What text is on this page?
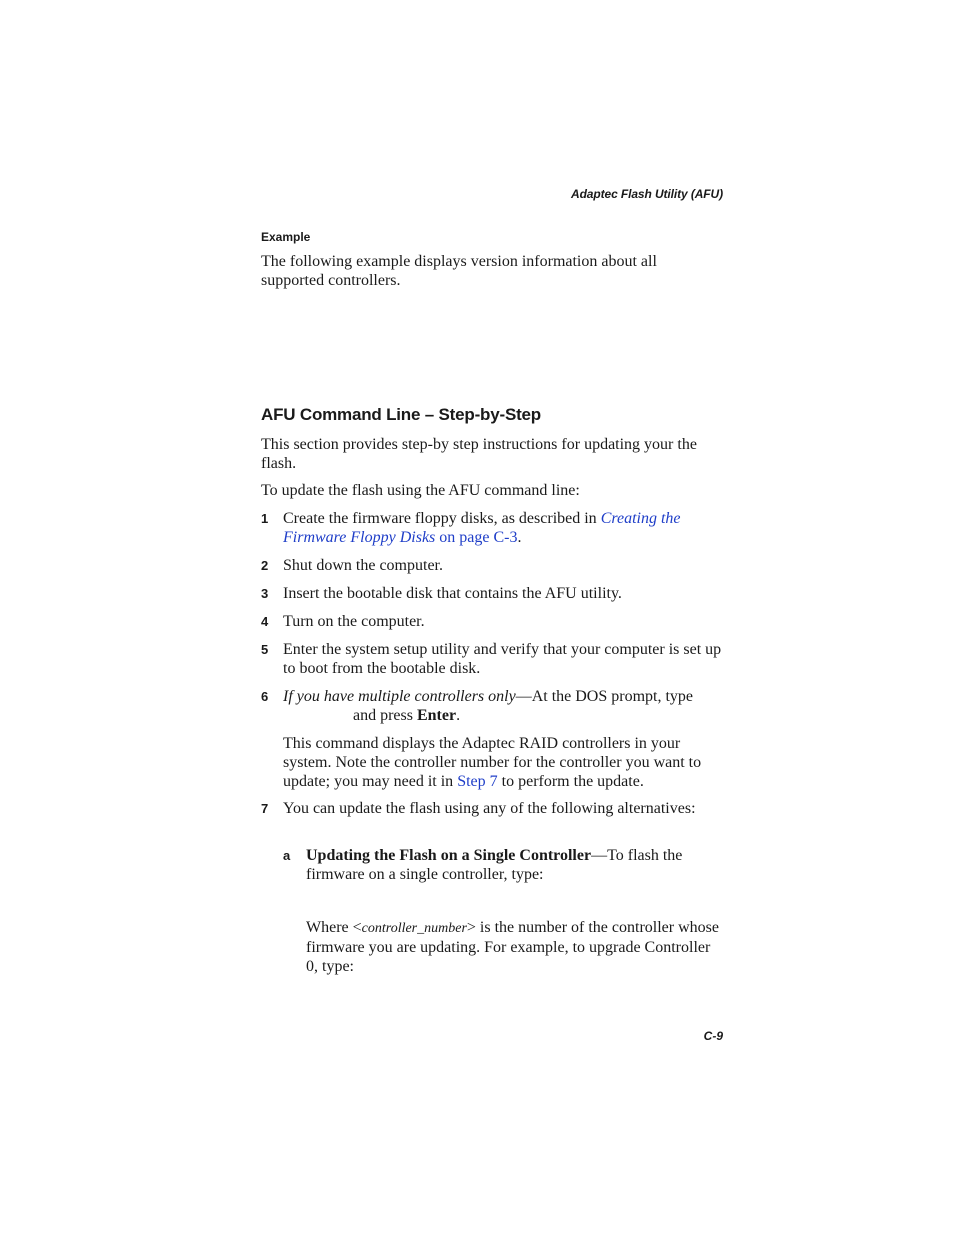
Adaptec Flash Utility (AFU)
Example
The following example displays version information about all supported controllers.
AFU Command Line – Step-by-Step
This section provides step-by step instructions for updating your the flash.
To update the flash using the AFU command line:
1 Create the firmware floppy disks, as described in Creating the Firmware Floppy Disks on page C-3.
2 Shut down the computer.
3 Insert the bootable disk that contains the AFU utility.
4 Turn on the computer.
5 Enter the system setup utility and verify that your computer is set up to boot from the bootable disk.
6 If you have multiple controllers only—At the DOS prompt, type
and press Enter.
This command displays the Adaptec RAID controllers in your system. Note the controller number for the controller you want to update; you may need it in Step 7 to perform the update.
7 You can update the flash using any of the following alternatives:
a Updating the Flash on a Single Controller—To flash the firmware on a single controller, type:
Where <controller_number> is the number of the controller whose firmware you are updating. For example, to upgrade Controller 0, type:
C-9
